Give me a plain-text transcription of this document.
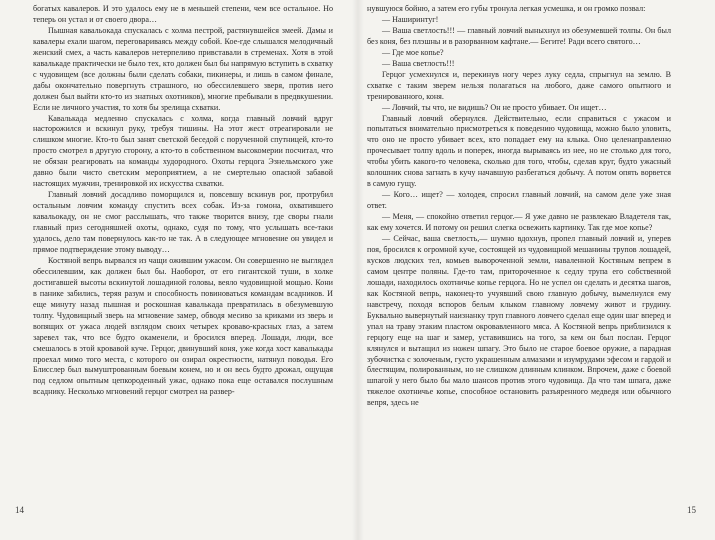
богатых кавалеров. И это удалось ему не в меньшей степени, чем все остальное. Но теперь он устал и от своего двора…

Пышная кавальокада спускалась с холма пестрой, растянувшейся змеей. Дамы и кавалеры ехали шагом, переговариваясь между собой. Кое-где слышался мелодичный женский смех, а часть кавалеров нетерпеливо привставали в стременах. Хотя в этой кавалькаде практически не было тех, кто должен был бы напрямую вступить в схватку с чудовищем (все должны были сделать собаки, пикинеры, и лишь в самом финале, дабы окончательно повергнуть страшного, но обессилевшего зверя, против него должен был выйти кто-то из знатных охотников), многие пребывали в предвкушении. Если не личного участия, то хотя бы зрелища схватки.

Кавалькада медленно спускалась с холма, когда главный ловчий вдруг насторожился и вскинул руку, требуя тишины. На этот жест отреагировали не слишком многие. Кто-то был занят светской беседой с порученной спутницей, кто-то просто смотрел в другую сторону, а кто-то в собственном высокомерии посчитал, что не обязан реагировать на команды худородного. Охоты герцога Эзнельмского уже давно были чисто светским мероприятием, а не смертельно опасной забавой настоящих мужчин, тренировкой их искусства схватки.

Главный ловчий досадливо поморщился и, повсевшу вскинув рог, протрубил остальным ловчим команду спустить всех собак. Из-за гомона, охватившего кавальокаду, он не смог расслышать, что также творится внизу, где своры гнали главный приз сегодняшней охоты, однако, судя по тому, что услышать все-таки удалось, дело там повернулось как-то не так. А в следующее мгновение он увидел и прямое подтверждение этому выводу…

Костяной вепрь вырвался из чащи ожившим ужасом. Он совершенно не выглядел обессилевшим, как должен был бы. Наоборот, от его гигантской туши, в холке достигавшей высоты вскинутой лошадиной головы, веяло чудовищной мощью. Кони в панике забились, теряя разум и способность повиноваться командам всадников. И еще минуту назад пышная и роскошная кавалькада превратилась в обезумевшую толпу. Чудовищный зверь на мгновение замер, обводя месиво за криками из зверь и вопящих от ужаса людей взглядом своих четырех кроваво-красных глаз, а затем заревел так, что все будто окаменели, и бросился вперед. Лошади, люди, все смешалось в этой кровавой куче. Герцог, двинувший коня, уже когда хост кавалькады проехал мимо того места, с которого он озирал окрестности, натянул поводья. Его Блисслер был вымуштрованным боевым конем, но и он весь будто дрожал, ощущая под седлом опытным цепкороденный ужас, однако пока еще оставался послушным всаднику. Несколько мгновений герцог смотрел на развер-

14

нувшуюся бойню, а затем его губы тронула легкая усмешка, и он громко позвал:

— Наширинтуг!

— Ваша светлость!!! — главный ловчий выныхнул из обезумевшей толпы. Он был без коня, без плэшны и в разорванном кафтане.— Бегите! Ради всего святого…

— Где мое копье?

— Ваша светлость!!!

Герцог усмехнулся и, перекинув ногу через луку седла, спрыгнул на землю. В схватке с таким зверем нельзя полагаться на любого, даже самого опытного и тренированного, коня.

— Ловчий, ты что, не видишь? Он не просто убивает. Он ищет…

Главный ловчий обернулся. Действительно, если справиться с ужасом и попытаться внимательно присмотреться к поведению чудовища, можно было уловить, что оно не просто убивает всех, кто попадает ему на клыка. Оно целенаправленно прочесывает толпу вдоль и поперек, иногда вырываясь из нее, но не столько для того, чтобы убить какого-то человека, сколько для того, чтобы, сделав круг, будто ужасный колошник снова загнать в кучу начавшую разбегаться добычу. А потом опять ворвется в самую гущу.

— Кого… ищет? — холодея, спросил главный ловчий, на самом деле уже зная ответ.

— Меня, — спокойно ответил герцог.— Я уже давно не развлекаю Владетеля так, как ему хочется. И потому он решил слегка освежить картинку. Так где мое копье?

— Сейчас, ваша светлость,— шумно вдохнув, пропел главный ловчий и, уперев поя, бросился к огромной куче, состоящей из чудовищной мешанины трупов лошадей, кусков людских тел, комьев вывороченной земли, наваленной Костяным вепрем в самом центре поляны. Где-то там, притороченное к седлу трупа его собственной лошади, находилось охотничье копье герцога. Но не успел он сделать и десятка шагов, как Костяной вепрь, наконец-то учуявший свою главную добычу, вымелнулся ему навстречу, походя вспоров белым клыком главному ловчему живот и грудину. Буквально вывернутый наизнанку труп главного ловчего сделал еще один шаг вперед и упал на траву этаким пластом окровавленного мяса. А Костяной вепрь приблизился к герцогу еще на шаг и замер, уставившись на того, за кем он был послан. Герцог клянулся и вытащил из ножен шпагу. Это было не старое боевое оружие, а парадная зубочистка с золоченым, густо украшенным алмазами и изумрудами эфесом и гардой и блестящим, полированным, но не слишком длинным клинком. Впрочем, даже с боевой шпагой у него было бы мало шансов против этого чудовища. Да что там шпага, даже тяжелое охотничье копье, способное остановить разъяренного медведя или обычного вепря, здесь не

15
